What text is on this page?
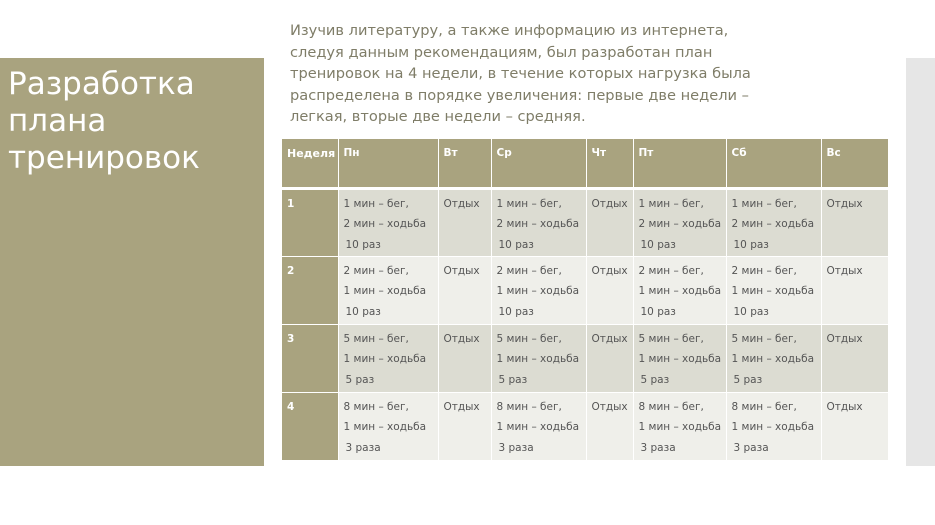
Разработка
плана
тренировок

Изучив литературу, а также информацию из интернета, следуя данным рекомендациям, был разработан план тренировок на 4 недели, в течение которых нагрузка была распределена в порядке увеличения: первые две недели – легкая, вторые две недели – средняя.

Неделя	Пн	Вт	Ср	Чт	Пт	Сб	Вс
1	1 мин – бег,
2 мин – ходьба
10 раз	Отдых	1 мин – бег,
2 мин – ходьба
10 раз	Отдых	1 мин – бег,
2 мин – ходьба
10 раз	1 мин – бег,
2 мин – ходьба
10 раз	Отдых

2	2 мин – бег,
1 мин – ходьба
10 раз	Отдых	2 мин – бег,
1 мин – ходьба
10 раз	Отдых	2 мин – бег,
1 мин – ходьба
10 раз	2 мин – бег,
1 мин – ходьба
10 раз	Отдых

3	5 мин – бег,
1 мин – ходьба
5 раз	Отдых	5 мин – бег,
1 мин – ходьба
5 раз	Отдых	5 мин – бег,
1 мин – ходьба
5 раз	5 мин – бег,
1 мин – ходьба
5 раз	Отдых

4	8 мин – бег,
1 мин – ходьба
3 раза	Отдых	8 мин – бег,
1 мин – ходьба
3 раза	Отдых	8 мин – бег,
1 мин – ходьба
3 раза	8 мин – бег,
1 мин – ходьба
3 раза	Отдых
